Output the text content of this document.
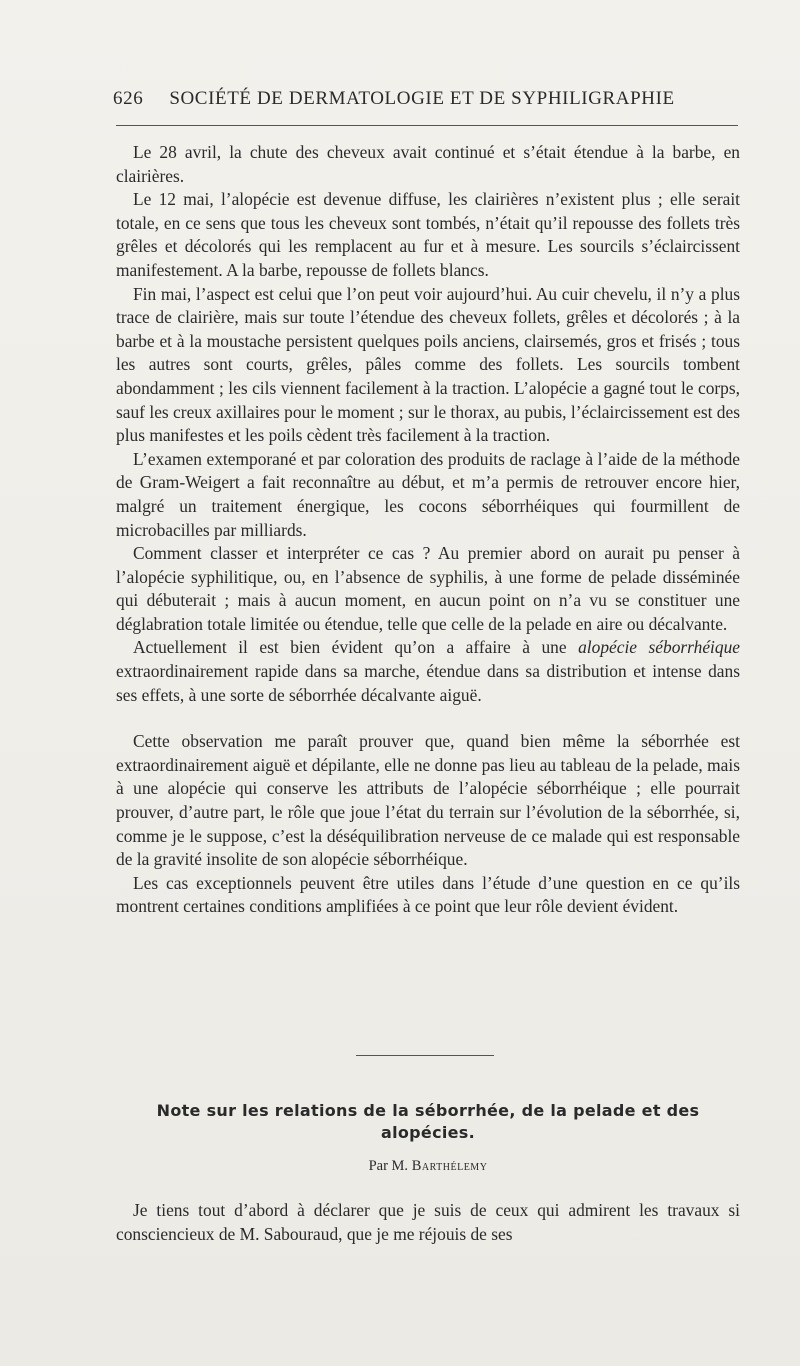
626 SOCIÉTÉ DE DERMATOLOGIE ET DE SYPHILIGRAPHIE

Le 28 avril, la chute des cheveux avait continué et s’était étendue à la barbe, en clairières.

Le 12 mai, l’alopécie est devenue diffuse, les clairières n’existent plus ; elle serait totale, en ce sens que tous les cheveux sont tombés, n’était qu’il repousse des follets très grêles et décolorés qui les remplacent au fur et à mesure. Les sourcils s’éclaircissent manifestement. A la barbe, repousse de follets blancs.

Fin mai, l’aspect est celui que l’on peut voir aujourd’hui. Au cuir chevelu, il n’y a plus trace de clairière, mais sur toute l’étendue des cheveux follets, grêles et décolorés ; à la barbe et à la moustache persistent quelques poils anciens, clairsemés, gros et frisés ; tous les autres sont courts, grêles, pâles comme des follets. Les sourcils tombent abondamment ; les cils viennent facilement à la traction. L’alopécie a gagné tout le corps, sauf les creux axillaires pour le moment ; sur le thorax, au pubis, l’éclaircissement est des plus manifestes et les poils cèdent très facilement à la traction.

L’examen extemporané et par coloration des produits de raclage à l’aide de la méthode de Gram-Weigert a fait reconnaître au début, et m’a permis de retrouver encore hier, malgré un traitement énergique, les cocons séborrhéiques qui fourmillent de microbacilles par milliards.

Comment classer et interpréter ce cas ? Au premier abord on aurait pu penser à l’alopécie syphilitique, ou, en l’absence de syphilis, à une forme de pelade disséminée qui débuterait ; mais à aucun moment, en aucun point on n’a vu se constituer une déglabration totale limitée ou étendue, telle que celle de la pelade en aire ou décalvante.

Actuellement il est bien évident qu’on a affaire à une alopécie séborrhéique extraordinairement rapide dans sa marche, étendue dans sa distribution et intense dans ses effets, à une sorte de séborrhée décalvante aiguë.

Cette observation me paraît prouver que, quand bien même la séborrhée est extraordinairement aiguë et dépilante, elle ne donne pas lieu au tableau de la pelade, mais à une alopécie qui conserve les attributs de l’alopécie séborrhéique ; elle pourrait prouver, d’autre part, le rôle que joue l’état du terrain sur l’évolution de la séborrhée, si, comme je le suppose, c’est la déséquilibration nerveuse de ce malade qui est responsable de la gravité insolite de son alopécie séborrhéique.

Les cas exceptionnels peuvent être utiles dans l’étude d’une question en ce qu’ils montrent certaines conditions amplifiées à ce point que leur rôle devient évident.

Note sur les relations de la séborrhée, de la pelade et des alopécies.
Par M. Barthélemy

Je tiens tout d’abord à déclarer que je suis de ceux qui admirent les travaux si consciencieux de M. Sabouraud, que je me réjouis de ses
